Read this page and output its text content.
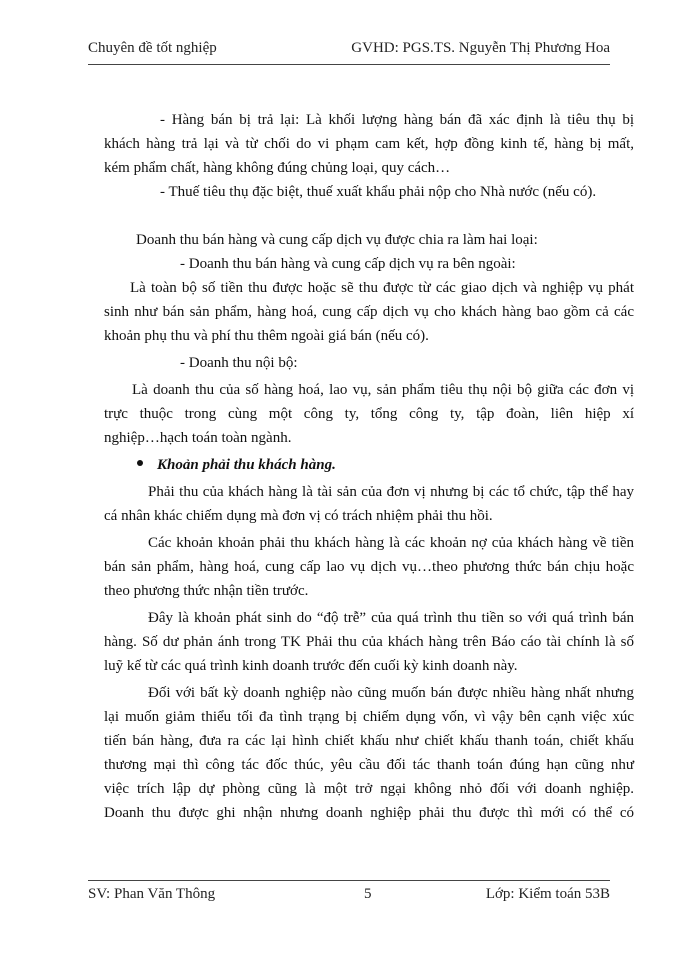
Chuyên đề tốt nghiệp	GVHD: PGS.TS. Nguyễn Thị Phương Hoa

- Hàng bán bị trả lại: Là khối lượng hàng bán đã xác định là tiêu thụ bị

khách hàng trả lại và từ chối do vi phạm cam kết, hợp đồng kinh tế, hàng bị mất,

kém phẩm chất, hàng không đúng chủng loại, quy cách…

- Thuế tiêu thụ đặc biệt, thuế xuất khẩu phải nộp cho Nhà nước (nếu có).

Doanh thu bán hàng và cung cấp dịch vụ được chia ra làm hai loại:

- Doanh thu bán hàng và cung cấp dịch vụ ra bên ngoài:

Là toàn bộ số tiền thu được hoặc sẽ thu được từ các giao dịch và nghiệp vụ phát

sinh như bán sản phẩm, hàng hoá, cung cấp dịch vụ cho khách hàng bao gồm cả các

khoản phụ thu và phí thu thêm ngoài giá bán (nếu có).

- Doanh thu nội bộ:

Là doanh thu của số hàng hoá, lao vụ, sản phẩm tiêu thụ nội bộ giữa các đơn vị

trực thuộc trong cùng một công ty, tổng công ty, tập đoàn, liên hiệp xí

nghiệp…hạch toán toàn ngành.

Khoản phải thu khách hàng.

Phải thu của khách hàng là tài sản của đơn vị nhưng bị các tổ chức, tập thể hay

cá nhân khác chiếm dụng mà đơn vị có trách nhiệm phải thu hồi.

Các khoản khoản phải thu khách hàng là các khoản nợ của khách hàng về tiền

bán sản phẩm, hàng hoá, cung cấp lao vụ dịch vụ…theo phương thức bán chịu hoặc

theo phương thức nhận tiền trước.

Đây là khoản phát sinh do “độ trễ” của quá trình thu tiền so với quá trình bán

hàng. Số dư phản ánh trong TK Phải thu của khách hàng trên Báo cáo tài chính là số

luỹ kế từ các quá trình kinh doanh trước đến cuối kỳ kinh doanh này.

Đối với bất kỳ doanh nghiệp nào cũng muốn bán được nhiều hàng nhất nhưng

lại muốn giảm thiểu tối đa tình trạng bị chiếm dụng vốn, vì vậy bên cạnh việc xúc

tiến bán hàng, đưa ra các lại hình chiết khấu như chiết khấu thanh toán, chiết khấu

thương mại thì công tác đốc thúc, yêu cầu đối tác thanh toán đúng hạn cũng như

việc trích lập dự phòng cũng là một trở ngại không nhỏ đối với doanh nghiệp.

Doanh thu được ghi nhận nhưng doanh nghiệp phải thu được thì mới có thể có

SV: Phan Văn Thông	5	Lớp: Kiểm toán 53B
